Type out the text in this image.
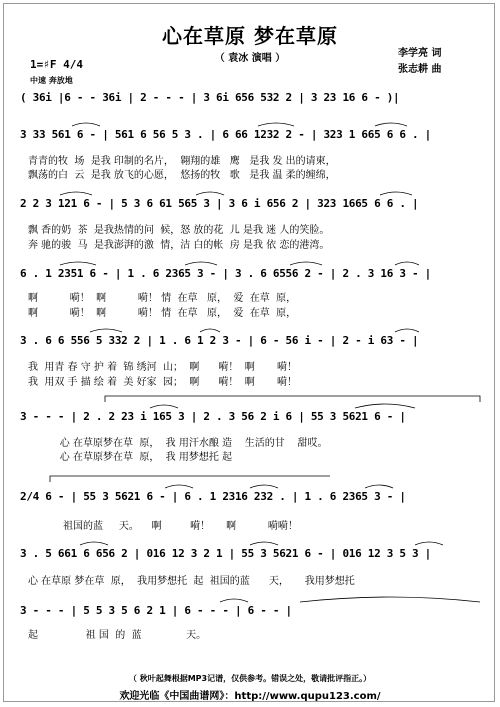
心在草原 梦在草原
（ 袁冰 演唱 ）	李学亮 词
张志耕 曲
1=♯F 4/4
中速 奔放地
( 36i |6 - - 36i | 2 - - - | 3 6i 656 532 2 | 3 23 16 6 - )|
3 33 561 6 - | 561 6 56 5 3 . | 6 66 1232 2 - | 323 1 665 6 6 . |
青青的牧  场  是我 印制的名片，  翱翔的雄   鹰   是我 发 出的请柬，
飘荡的白  云  是我 放飞的心愿，  悠扬的牧   歌   是我 温 柔的缠绵，
2 2 3 121 6 - | 5 3 6 61 565 3 | 3 6 i 656 2 | 323 1665 6 6 . |
飘 香的奶  茶  是我热情的问  候，怒 放的花  儿 是我 迷 人的笑脸。
奔 驰的骏  马  是我澎湃的激  情，洁 白的帐  房 是我 依 恋的港湾。
6 . 1 2351 6 - | 1 . 6 2365 3 - | 3 . 6 6556 2 - | 2 . 3 16 3 - |
啊          嗬！  啊          嗬！ 情  在草   原，  爱  在草  原，
啊          嗬！  啊          嗬！ 情  在草   原，  爱  在草  原，
3 . 6 6 556 5 332 2 | 1 . 6 1 2 3 - | 6 - 56 i - | 2 - i 63 - |
我  用青 春 守 护 着  锦 绣河  山；  啊      嗬！  啊       嗬！
我  用双 手 描 绘 着  美 好家  园；  啊      嗬！  啊       嗬！
3 - - - | 2 . 2 23 i 165 3 | 2 . 3 56 2 i 6 | 55 3 5621 6 - |
心 在草原梦在草  原，  我 用汗水酿 造    生活的甘    甜哎。
心 在草原梦在草  原，  我 用梦想托 起
2/4 6 - | 55 3 5621 6 - | 6 . 1 2316 232 . | 1 . 6 2365 3 - |
祖国的蓝     天。    啊         嗬！     啊          嗬嗬！
3 . 5 661 6 656 2 | 016 12 3 2 1 | 55 3 5621 6 - | 016 12 3 5 3 |
心 在草原 梦在草  原，  我用梦想托  起  祖国的蓝      天，     我用梦想托
3 - - - | 5 5 3 5 6 2 1 | 6 - - - | 6 - - |
起               祖 国  的  蓝              天。
（ 秋叶起舞根据MP3记谱，仅供参考。错误之处，敬请批评指正。）
欢迎光临《中国曲谱网》：http://www.qupu123.com/
